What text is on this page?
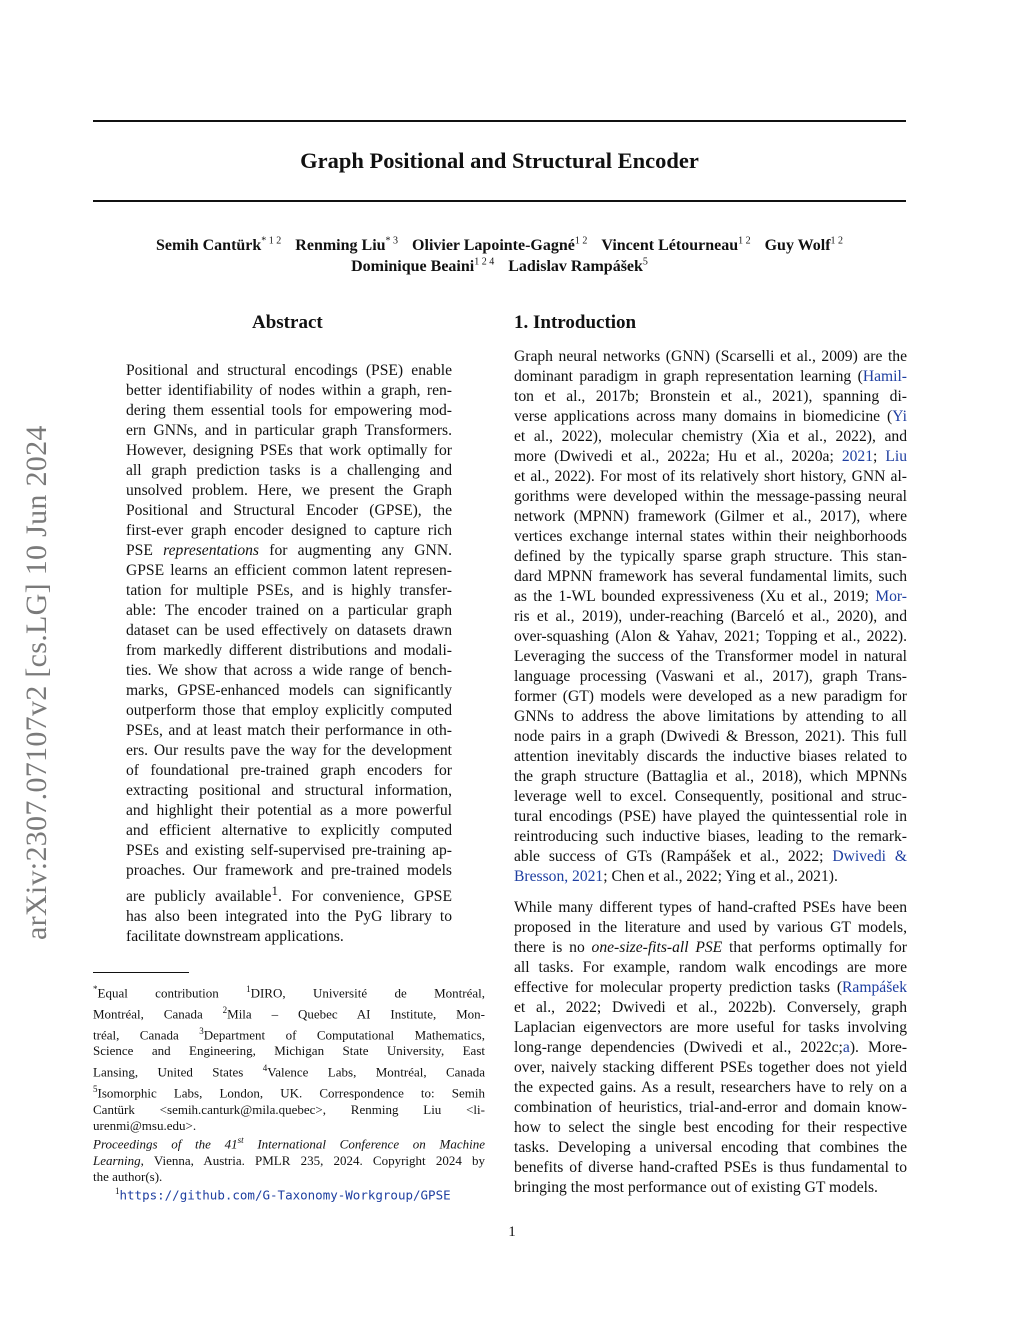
Graph Positional and Structural Encoder
Semih Cantürk$^{* 1 2}$ Renming Liu$^{* 3}$ Olivier Lapointe-Gagné$^{1 2}$ Vincent Létourneau$^{1 2}$ Guy Wolf$^{1 2}$
Dominique Beaini$^{1 2 4}$ Ladislav Rampášek$^5$
arXiv:2307.07107v2 [cs.LG] 10 Jun 2024
Abstract	1. Introduction
Positional and structural encodings (PSE) enable
better identifiability of nodes within a graph, ren-
dering them essential tools for empowering mod-
ern GNNs, and in particular graph Transformers.
However, designing PSEs that work optimally for
all graph prediction tasks is a challenging and
unsolved problem. Here, we present the Graph
Positional and Structural Encoder (GPSE), the
first-ever graph encoder designed to capture rich
PSE representations for augmenting any GNN.
GPSE learns an efficient common latent represen-
tation for multiple PSEs, and is highly transfer-
able: The encoder trained on a particular graph
dataset can be used effectively on datasets drawn
from markedly different distributions and modali-
ties. We show that across a wide range of bench-
marks, GPSE-enhanced models can significantly
outperform those that employ explicitly computed
PSEs, and at least match their performance in oth-
ers. Our results pave the way for the development
of foundational pre-trained graph encoders for
extracting positional and structural information,
and highlight their potential as a more powerful
and efficient alternative to explicitly computed
PSEs and existing self-supervised pre-training ap-
proaches. Our framework and pre-trained models
are publicly available$^1$. For convenience, GPSE
has also been integrated into the PyG library to
facilitate downstream applications.
Graph neural networks (GNN) (Scarselli et al., 2009) are the
dominant paradigm in graph representation learning (Hamil-
ton et al., 2017b; Bronstein et al., 2021), spanning di-
verse applications across many domains in biomedicine (Yi
et al., 2022), molecular chemistry (Xia et al., 2022), and
more (Dwivedi et al., 2022a; Hu et al., 2020a; 2021; Liu
et al., 2022). For most of its relatively short history, GNN al-
gorithms were developed within the message-passing neural
network (MPNN) framework (Gilmer et al., 2017), where
vertices exchange internal states within their neighborhoods
defined by the typically sparse graph structure. This stan-
dard MPNN framework has several fundamental limits, such
as the 1-WL bounded expressiveness (Xu et al., 2019; Mor-
ris et al., 2019), under-reaching (Barceló et al., 2020), and
over-squashing (Alon & Yahav, 2021; Topping et al., 2022).
Leveraging the success of the Transformer model in natural
language processing (Vaswani et al., 2017), graph Trans-
former (GT) models were developed as a new paradigm for
GNNs to address the above limitations by attending to all
node pairs in a graph (Dwivedi & Bresson, 2021). This full
attention inevitably discards the inductive biases related to
the graph structure (Battaglia et al., 2018), which MPNNs
leverage well to excel. Consequently, positional and struc-
tural encodings (PSE) have played the quintessential role in
reintroducing such inductive biases, leading to the remark-
able success of GTs (Rampášek et al., 2022; Dwivedi &
Bresson, 2021; Chen et al., 2022; Ying et al., 2021).
While many different types of hand-crafted PSEs have been
proposed in the literature and used by various GT models,
there is no one-size-fits-all PSE that performs optimally for
all tasks. For example, random walk encodings are more
effective for molecular property prediction tasks (Rampášek
et al., 2022; Dwivedi et al., 2022b). Conversely, graph
Laplacian eigenvectors are more useful for tasks involving
long-range dependencies (Dwivedi et al., 2022c;a). More-
over, naively stacking different PSEs together does not yield
the expected gains. As a result, researchers have to rely on a
combination of heuristics, trial-and-error and domain know-
how to select the single best encoding for their respective
tasks. Developing a universal encoding that combines the
benefits of diverse hand-crafted PSEs is thus fundamental to
bringing the most performance out of existing GT models.
*Equal contribution $^1$DIRO, Université de Montréal,
Montréal, Canada $^2$Mila – Quebec AI Institute, Mon-
tréal, Canada $^3$Department of Computational Mathematics,
Science and Engineering, Michigan State University, East
Lansing, United States $^4$Valence Labs, Montréal, Canada
$^5$Isomorphic Labs, London, UK. Correspondence to: Semih
Cantürk <semih.canturk@mila.quebec>, Renming Liu <li-
urenmi@msu.edu>.
Proceedings of the 41st International Conference on Machine
Learning, Vienna, Austria. PMLR 235, 2024. Copyright 2024 by
the author(s).
$^1$https://github.com/G-Taxonomy-Workgroup/GPSE
1
